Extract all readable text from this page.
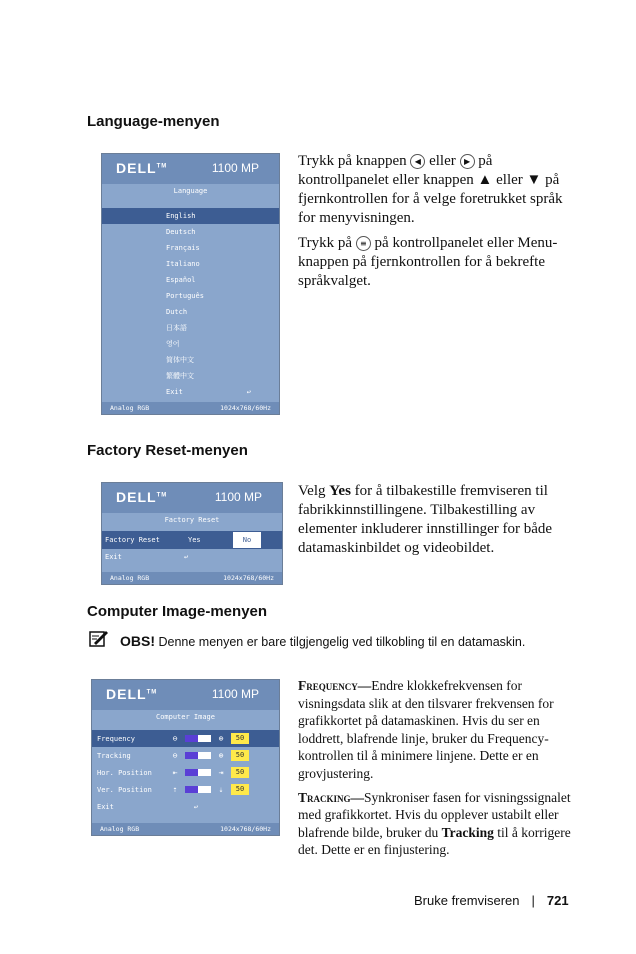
Language-menyen
DELL™	1100 MP
Language
English
Deutsch
Français
Italiano
Español
Português
Dutch
日本語
영어
简体中文
繁體中文
Exit	↩
Analog RGB	1024x768/60Hz

Trykk på knappen ◀ eller ▶ på kontrollpanelet eller knappen ▲ eller ▼ på fjernkontrollen for å velge foretrukket språk for menyvisningen.

Trykk på ≡ på kontrollpanelet eller Menu-knappen på fjernkontrollen for å bekrefte språkvalget.

Factory Reset-menyen
DELL™	1100 MP
Factory Reset
Factory Reset	Yes	No
Exit	↩
Analog RGB	1024x768/60Hz

Velg Yes for å tilbakestille fremviseren til fabrikkinnstillingene. Tilbakestilling av elementer inkluderer innstillinger for både datamaskinbildet og videobildet.

Computer Image-menyen
OBS! Denne menyen er bare tilgjengelig ved tilkobling til en datamaskin.
DELL™	1100 MP
Computer Image
Frequency	⊖	⊕	50
Tracking	⊖	⊕	50
Hor. Position	⇤	⇥	50
Ver. Position	⇡	⇣	50
Exit	↩
Analog RGB	1024x768/60Hz

Frequency—Endre klokkefrekvensen for visningsdata slik at den tilsvarer frekvensen for grafikkortet på datamaskinen. Hvis du ser en loddrett, blafrende linje, bruker du Frequency-kontrollen til å minimere linjene. Dette er en grovjustering.

Tracking—Synkroniser fasen for visningssignalet med grafikkortet. Hvis du opplever ustabilt eller blafrende bilde, bruker du Tracking til å korrigere det. Dette er en finjustering.

Bruke fremviseren | 721
